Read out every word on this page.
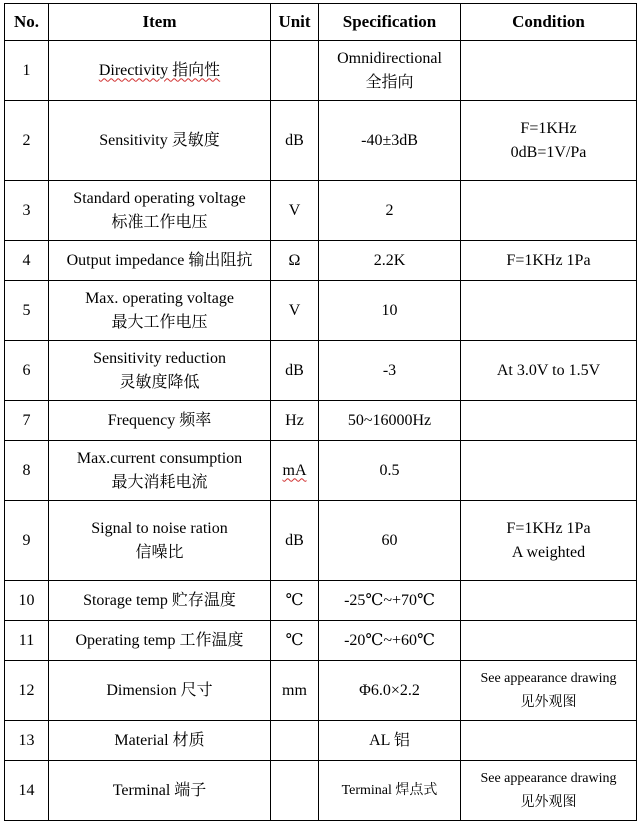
No.	Item	Unit	Specification	Condition
1	Directivity 指向性		Omnidirectional
全指向	

2	Sensitivity 灵敏度	dB	-40±3dB	F=1KHz
0dB=1V/Pa

3	Standard operating voltage
标准工作电压	V	2	

4	Output impedance 输出阻抗	Ω	2.2K	F=1KHz 1Pa

5	Max. operating voltage
最大工作电压	V	10	

6	Sensitivity reduction
灵敏度降低	dB	-3	At 3.0V to 1.5V

7	Frequency 频率	Hz	50~16000Hz	

8	Max.current consumption
最大消耗电流	mA	0.5	

9	Signal to noise ration
信噪比	dB	60	F=1KHz 1Pa
A weighted

10	Storage temp 贮存温度	℃	-25℃~+70℃	

11	Operating temp 工作温度	℃	-20℃~+60℃	

12	Dimension 尺寸	mm	Φ6.0×2.2	See appearance drawing
见外观图

13	Material 材质		AL 铝	

14	Terminal 端子		Terminal 焊点式	See appearance drawing
见外观图
